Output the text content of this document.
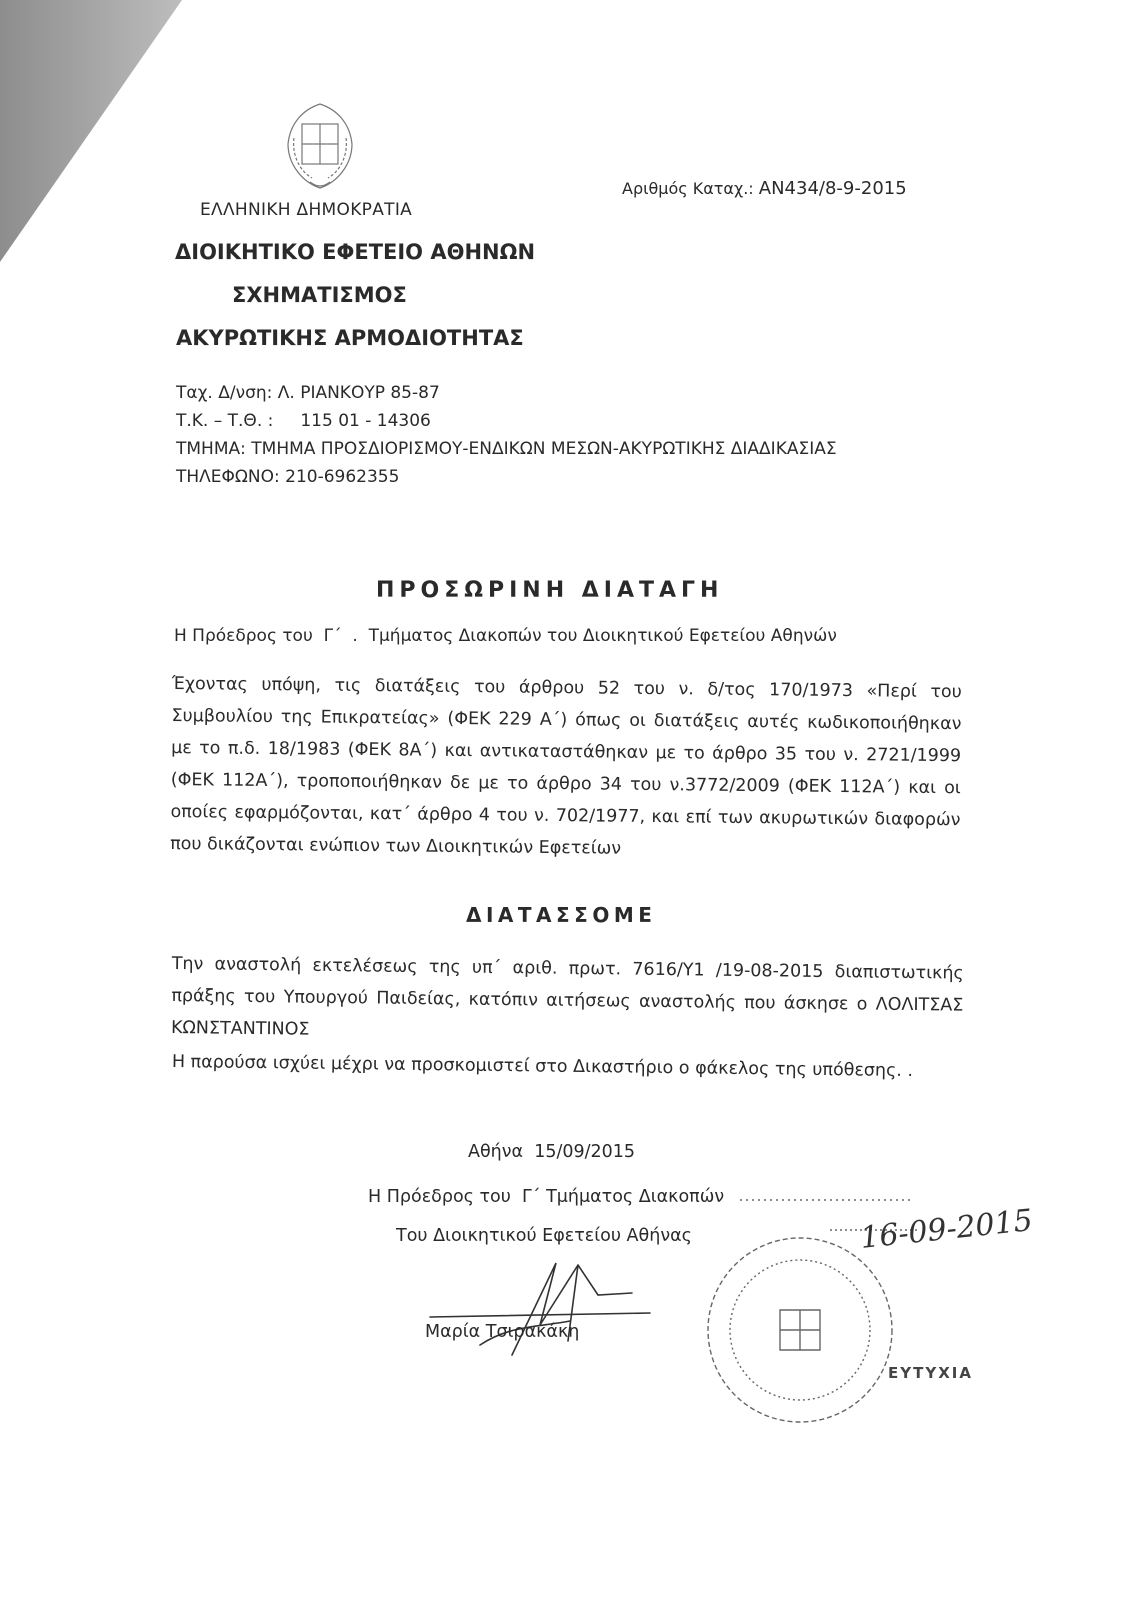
ΕΛΛΗΝΙΚΗ ΔΗΜΟΚΡΑΤΙΑ
Αριθμός Καταχ.: ΑΝ434/8-9-2015
ΔΙΟΙΚΗΤΙΚΟ ΕΦΕΤΕΙΟ ΑΘΗΝΩΝ
ΣΧΗΜΑΤΙΣΜΟΣ
ΑΚΥΡΩΤΙΚΗΣ ΑΡΜΟΔΙΟΤΗΤΑΣ
Ταχ. Δ/νση: Λ. ΡΙΑΝΚΟΥΡ 85-87
Τ.Κ. – Τ.Θ. :     115 01 - 14306
ΤΜΗΜΑ: ΤΜΗΜΑ ΠΡΟΣΔΙΟΡΙΣΜΟΥ-ΕΝΔΙΚΩΝ ΜΕΣΩΝ-ΑΚΥΡΩΤΙΚΗΣ ΔΙΑΔΙΚΑΣΙΑΣ
ΤΗΛΕΦΩΝΟ: 210-6962355
ΠΡΟΣΩΡΙΝΗ ΔΙΑΤΑΓΗ
Η Πρόεδρος του  Γ΄  .  Τμήματος Διακοπών του Διοικητικού Εφετείου Αθηνών
Έχοντας υπόψη, τις διατάξεις του άρθρου 52 του ν. δ/τος 170/1973 «Περί του Συμβουλίου της Επικρατείας» (ΦΕΚ 229 Α΄) όπως οι διατάξεις αυτές κωδικοποιήθηκαν με το π.δ. 18/1983 (ΦΕΚ 8Α΄) και αντικαταστάθηκαν με το άρθρο 35 του ν. 2721/1999 (ΦΕΚ 112Α΄), τροποποιήθηκαν δε με το άρθρο 34 του ν.3772/2009 (ΦΕΚ 112Α΄) και οι οποίες εφαρμόζονται, κατ΄ άρθρο 4 του ν. 702/1977, και επί των ακυρωτικών διαφορών που δικάζονται ενώπιον των Διοικητικών Εφετείων
ΔΙΑΤΑΣΣΟΜΕ
Την αναστολή εκτελέσεως της υπ΄ αριθ. πρωτ. 7616/Υ1 /19-08-2015 διαπιστωτικής πράξης του Υπουργού Παιδείας, κατόπιν αιτήσεως αναστολής που άσκησε ο ΛΟΛΙΤΣΑΣ ΚΩΝΣΤΑΝΤΙΝΟΣ
Η παρούσα ισχύει μέχρι να προσκομιστεί στο Δικαστήριο ο φάκελος της υπόθεσης. .
Αθήνα  15/09/2015
Η Πρόεδρος του  Γ΄ Τμήματος Διακοπών
Του Διοικητικού Εφετείου Αθήνας
Μαρία Τσιρακάκη
16-09-2015
ΕΥΤΥΧΙΑ
